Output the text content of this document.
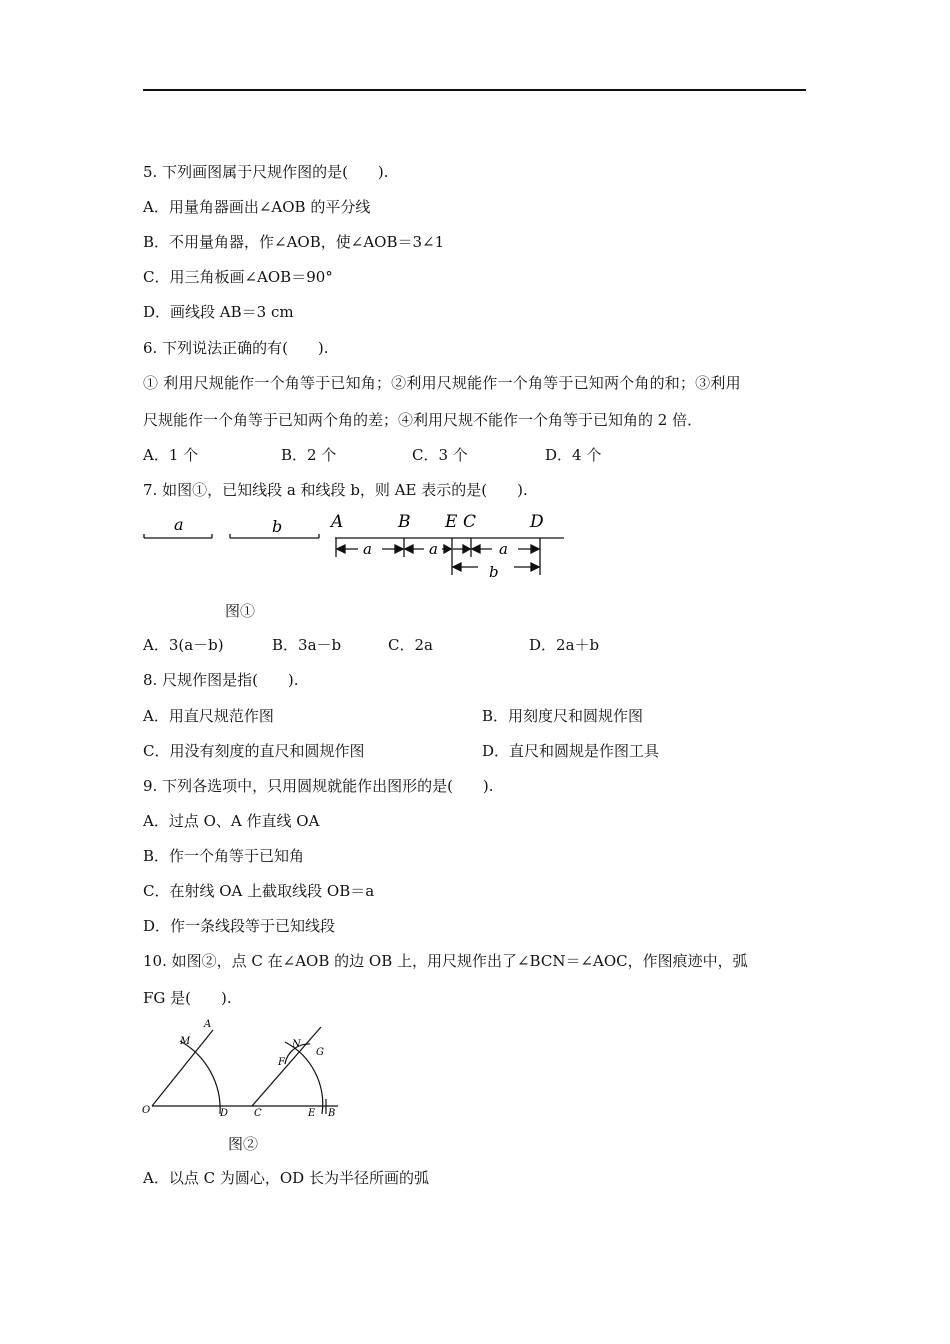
5. 下列画图属于尺规作图的是(　　).
A．用量角器画出∠AOB 的平分线
B．不用量角器，作∠AOB，使∠AOB＝3∠1
C．用三角板画∠AOB＝90°
D．画线段 AB＝3 cm
6. 下列说法正确的有(　　).
① 利用尺规能作一个角等于已知角；②利用尺规能作一个角等于已知两个角的和；③利用
尺规能作一个角等于已知两个角的差；④利用尺规不能作一个角等于已知角的 2 倍．
A．1 个	B．2 个	C．3 个	D．4 个
7. 如图①，已知线段 a 和线段 b，则 AE 表示的是(　　).
a	b	A	B E C	D
a	a	a
b
图①
A．3(a－b)	B．3a－b	C．2a	D．2a＋b
8. 尺规作图是指(　　).
A．用直尺规范作图	B．用刻度尺和圆规作图
C．用没有刻度的直尺和圆规作图	D．直尺和圆规是作图工具
9. 下列各选项中，只用圆规就能作出图形的是(　　).
A．过点 O、A 作直线 OA
B．作一个角等于已知角
C．在射线 OA 上截取线段 OB＝a
D．作一条线段等于已知线段
10. 如图②，点 C 在∠AOB 的边 OB 上，用尺规作出了∠BCN＝∠AOC，作图痕迹中，弧
FG 是(　　).
A
M
O	D	C
N
G
F
E B
图②
A．以点 C 为圆心，OD 长为半径所画的弧
